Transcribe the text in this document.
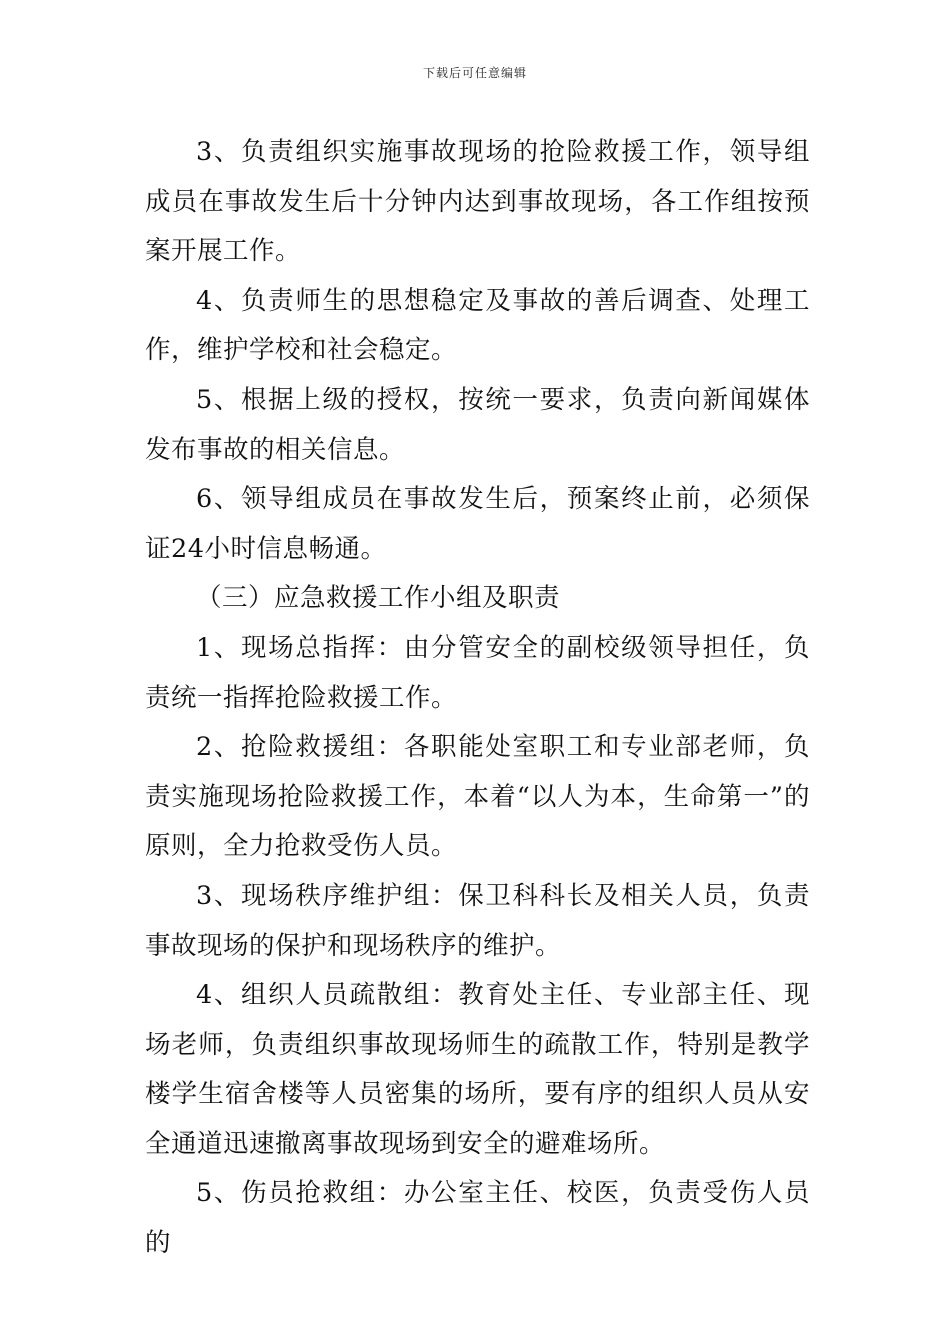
下载后可任意编辑

3、负责组织实施事故现场的抢险救援工作，领导组成员在事故发生后十分钟内达到事故现场，各工作组按预案开展工作。

4、负责师生的思想稳定及事故的善后调查、处理工作，维护学校和社会稳定。

5、根据上级的授权，按统一要求，负责向新闻媒体发布事故的相关信息。

6、领导组成员在事故发生后，预案终止前，必须保证24小时信息畅通。

（三）应急救援工作小组及职责

1、现场总指挥：由分管安全的副校级领导担任，负责统一指挥抢险救援工作。

2、抢险救援组：各职能处室职工和专业部老师，负责实施现场抢险救援工作，本着“以人为本，生命第一”的原则，全力抢救受伤人员。

3、现场秩序维护组：保卫科科长及相关人员，负责事故现场的保护和现场秩序的维护。

4、组织人员疏散组：教育处主任、专业部主任、现场老师，负责组织事故现场师生的疏散工作，特别是教学楼学生宿舍楼等人员密集的场所，要有序的组织人员从安全通道迅速撤离事故现场到安全的避难场所。

5、伤员抢救组：办公室主任、校医，负责受伤人员的
